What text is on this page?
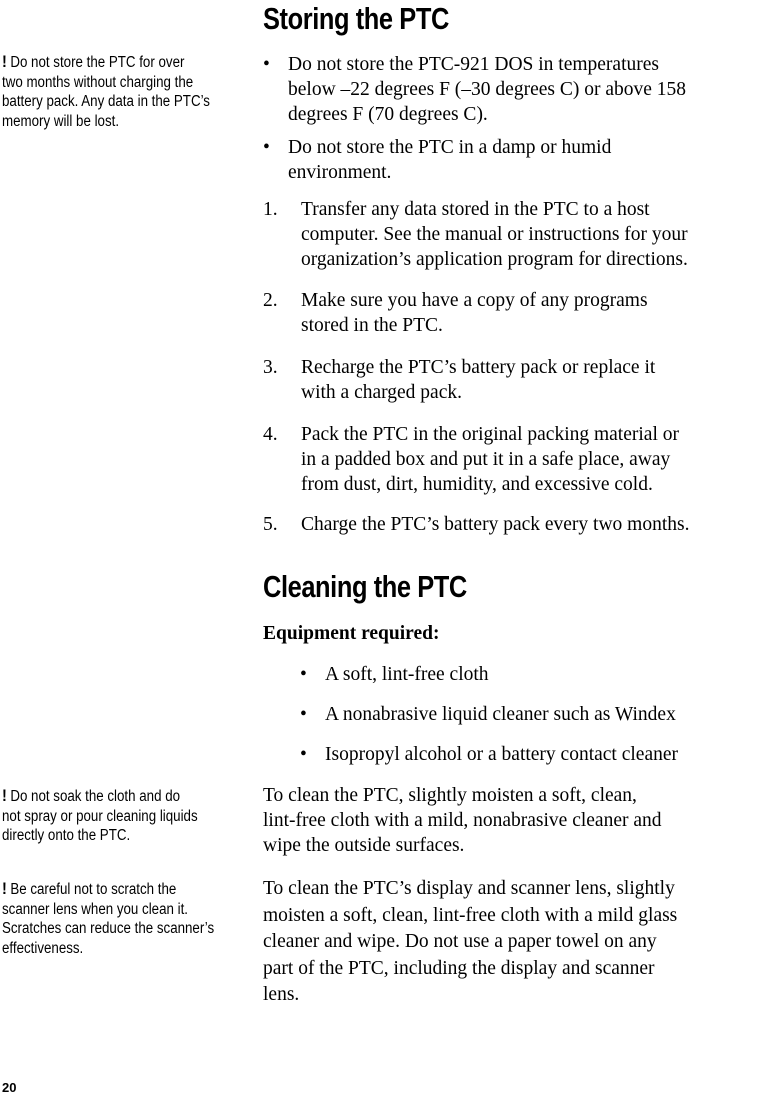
Storing the PTC
! Do not store the PTC for over
two months without charging the
battery pack. Any data in the PTC’s
memory will be lost.
• Do not store the PTC-921 DOS in temperatures
below –22 degrees F (–30 degrees C) or above 158
degrees F (70 degrees C).
• Do not store the PTC in a damp or humid
environment.
1. Transfer any data stored in the PTC to a host
computer. See the manual or instructions for your
organization’s application program for directions.
2. Make sure you have a copy of any programs
stored in the PTC.
3. Recharge the PTC’s battery pack or replace it
with a charged pack.
4. Pack the PTC in the original packing material or
in a padded box and put it in a safe place, away
from dust, dirt, humidity, and excessive cold.
5. Charge the PTC’s battery pack every two months.
Cleaning the PTC
Equipment required:
• A soft, lint-free cloth
• A nonabrasive liquid cleaner such as Windex
• Isopropyl alcohol or a battery contact cleaner
! Do not soak the cloth and do
not spray or pour cleaning liquids
directly onto the PTC.
To clean the PTC, slightly moisten a soft, clean,
lint-free cloth with a mild, nonabrasive cleaner and
wipe the outside surfaces.
! Be careful not to scratch the
scanner lens when you clean it.
Scratches can reduce the scanner’s
effectiveness.
To clean the PTC’s display and scanner lens, slightly
moisten a soft, clean, lint-free cloth with a mild glass
cleaner and wipe. Do not use a paper towel on any
part of the PTC, including the display and scanner
lens.
20
